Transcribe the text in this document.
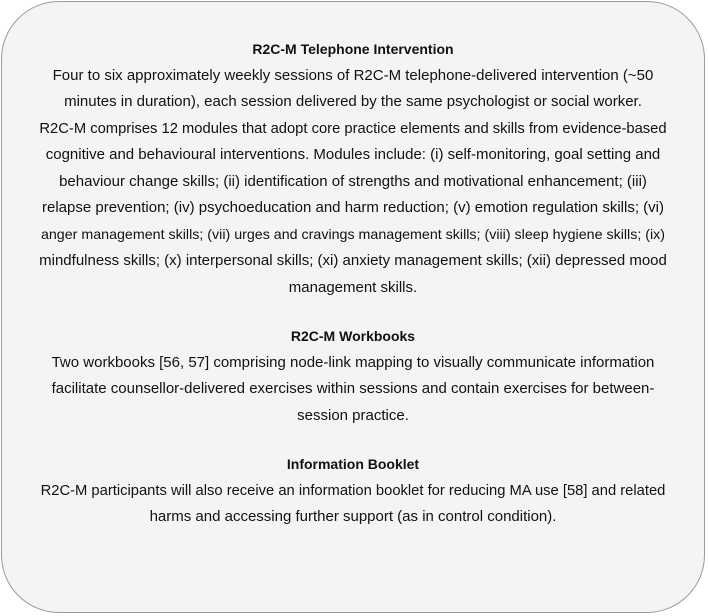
R2C-M Telephone Intervention

Four to six approximately weekly sessions of R2C-M telephone-delivered intervention (~50
minutes in duration), each session delivered by the same psychologist or social worker.
R2C-M comprises 12 modules that adopt core practice elements and skills from evidence-based
cognitive and behavioural interventions. Modules include: (i) self-monitoring, goal setting and
behaviour change skills; (ii) identification of strengths and motivational enhancement; (iii)
relapse prevention; (iv) psychoeducation and harm reduction; (v) emotion regulation skills; (vi)
anger management skills; (vii) urges and cravings management skills; (viii) sleep hygiene skills; (ix)
mindfulness skills; (x) interpersonal skills; (xi) anxiety management skills; (xii) depressed mood
management skills.

R2C-M Workbooks

Two workbooks [56, 57] comprising node-link mapping to visually communicate information
facilitate counsellor-delivered exercises within sessions and contain exercises for between-
session practice.

Information Booklet

R2C-M participants will also receive an information booklet for reducing MA use [58] and related
harms and accessing further support (as in control condition).
